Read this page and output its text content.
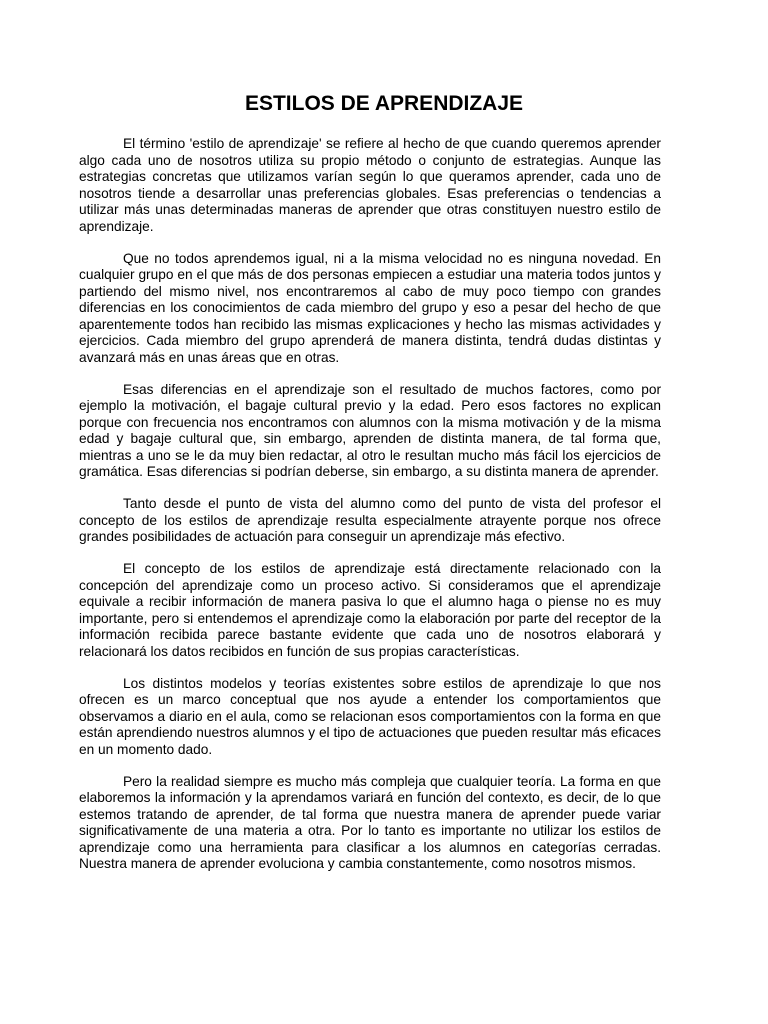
ESTILOS DE APRENDIZAJE

El término 'estilo de aprendizaje' se refiere al hecho de que cuando queremos aprender algo cada uno de nosotros utiliza su propio método o conjunto de estrategias. Aunque las estrategias concretas que utilizamos varían según lo que queramos aprender, cada uno de nosotros tiende a desarrollar unas preferencias globales. Esas preferencias o tendencias a utilizar más unas determinadas maneras de aprender que otras constituyen nuestro estilo de aprendizaje.

Que no todos aprendemos igual, ni a la misma velocidad no es ninguna novedad. En cualquier grupo en el que más de dos personas empiecen a estudiar una materia todos juntos y partiendo del mismo nivel, nos encontraremos al cabo de muy poco tiempo con grandes diferencias en los conocimientos de cada miembro del grupo y eso a pesar del hecho de que aparentemente todos han recibido las mismas explicaciones y hecho las mismas actividades y ejercicios. Cada miembro del grupo aprenderá de manera distinta, tendrá dudas distintas y avanzará más en unas áreas que en otras.

Esas diferencias en el aprendizaje son el resultado de muchos factores, como por ejemplo la motivación, el bagaje cultural previo y la edad. Pero esos factores no explican porque con frecuencia nos encontramos con alumnos con la misma motivación y de la misma edad y bagaje cultural que, sin embargo, aprenden de distinta manera, de tal forma que, mientras a uno se le da muy bien redactar, al otro le resultan mucho más fácil los ejercicios de gramática. Esas diferencias si podrían deberse, sin embargo, a su distinta manera de aprender.

Tanto desde el punto de vista del alumno como del punto de vista del profesor el concepto de los estilos de aprendizaje resulta especialmente atrayente porque nos ofrece grandes posibilidades de actuación para conseguir un aprendizaje más efectivo.

El concepto de los estilos de aprendizaje está directamente relacionado con la concepción del aprendizaje como un proceso activo. Si consideramos que el aprendizaje equivale a recibir información de manera pasiva lo que el alumno haga o piense no es muy importante, pero si entendemos el aprendizaje como la elaboración por parte del receptor de la información recibida parece bastante evidente que cada uno de nosotros elaborará y relacionará los datos recibidos en función de sus propias características.

Los distintos modelos y teorías existentes sobre estilos de aprendizaje lo que nos ofrecen es un marco conceptual que nos ayude a entender los comportamientos que observamos a diario en el aula, como se relacionan esos comportamientos con la forma en que están aprendiendo nuestros alumnos y el tipo de actuaciones que pueden resultar más eficaces en un momento dado.

Pero la realidad siempre es mucho más compleja que cualquier teoría. La forma en que elaboremos la información y la aprendamos variará en función del contexto, es decir, de lo que estemos tratando de aprender, de tal forma que nuestra manera de aprender puede variar significativamente de una materia a otra. Por lo tanto es importante no utilizar los estilos de aprendizaje como una herramienta para clasificar a los alumnos en categorías cerradas. Nuestra manera de aprender evoluciona y cambia constantemente, como nosotros mismos.
